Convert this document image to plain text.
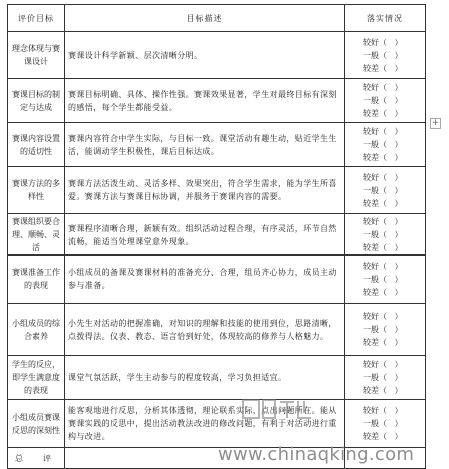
评价目标	目标描述	落实情况
理念体现与赛课设计	赛课设计科学新颖、层次清晰分明。	较好（   ）
一般（   ）
较差（   ）

赛课目标的制定与达成	赛课目标明确、具体、操作性强。赛课效果显著，学生对最终目标有深刻的感悟，每个学生都能受益。	较好（   ）
一般（   ）
较差（   ）

赛课内容设置的适切性	赛课内容符合中学生实际，与目标一致。课堂活动有趣生动，贴近学生生活，能调动学生积极性，课后目标达成。	较好（   ）
一般（   ）
较差（   ）

赛课方法的多样性	赛课方法活泼生动、灵活多样、效果突出，符合学生需求，能为学生所喜爱。赛课方法与赛课目标协调，并服务于赛课内容的需要。	较好（   ）
一般（   ）
较差（   ）

赛课组织要合理、顺畅、灵活	赛课程序清晰合理，新颖有效。组织活动过程合理，有序灵活，环节自然流畅，能适当处理课堂意外现象。	较好（   ）
一般（   ）
较差（   ）
赛课准备工作的表现	小组成员的备课及赛课材料的准备充分、合理，组员齐心协力，成员主动参与准备。	较好（   ）
一般（   ）
较差（   ）

小组成员的综合素养	小先生对活动的把握准确，对知识的理解和技能的使用到位，思路清晰，点拨得法。仪表、教态、语言恰到好处，体现较高的修养与人格魅力。	较好（   ）
一般（   ）
较差（   ）

学生的反应，即学生满意度的表现	课堂气氛活跃，学生主动参与的程度较高，学习负担适宜。	较好（   ）
一般（   ）
较差（   ）

小组成员赛课反思的深刻性	能客观地进行反思，分析其体透彻，理论联系实际，点出问题所在。能从赛课实践的反思中，提出活动教法改进的修改问题，有利于对活动进行重构与改进。	较好（   ）
一般（   ）
较差（   ）

总　评		
+
www.chinaqking.com
